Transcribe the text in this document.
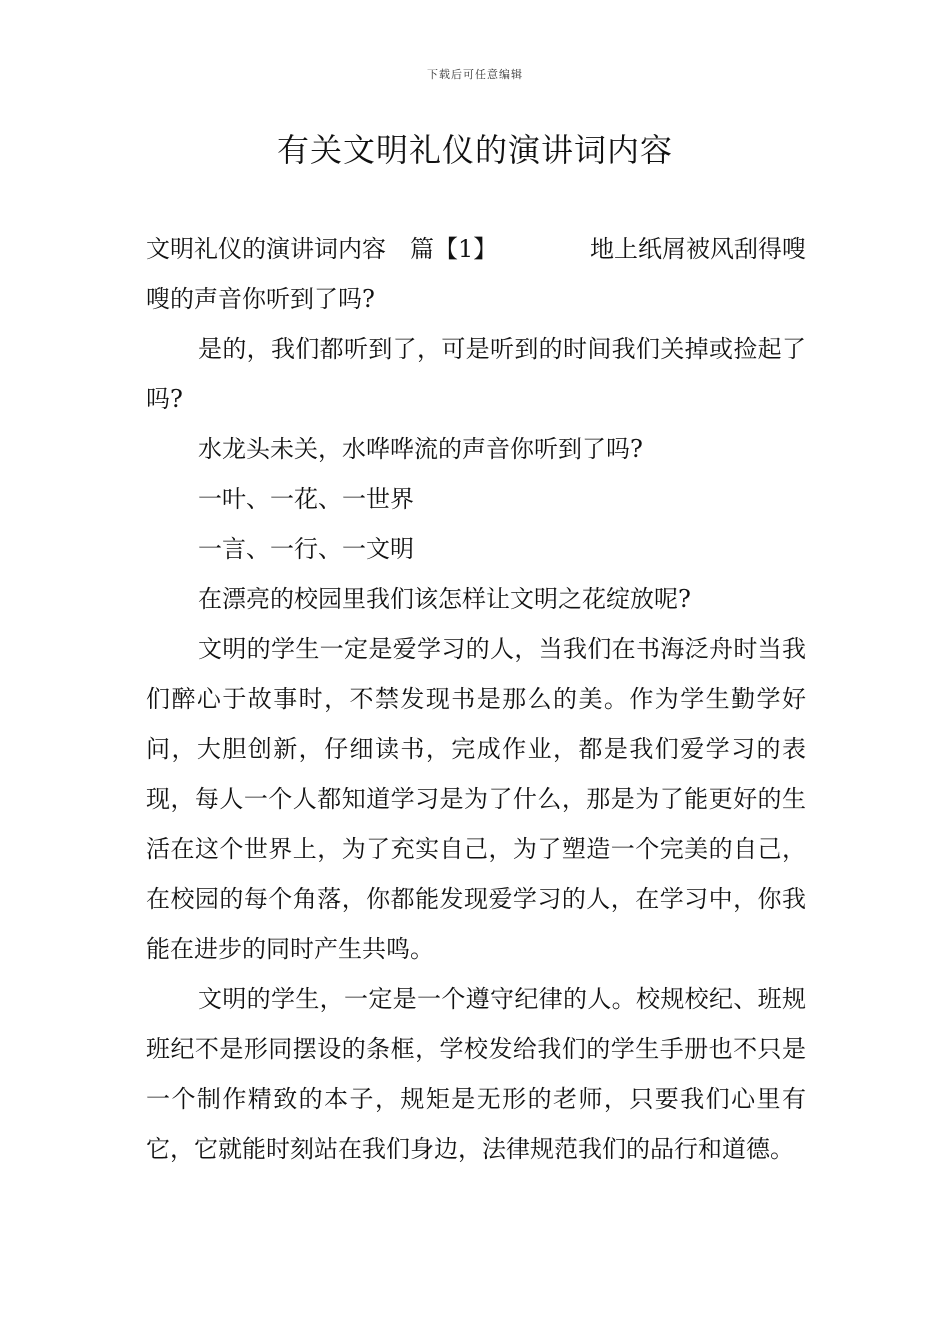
下载后可任意编辑
有关文明礼仪的演讲词内容

文明礼仪的演讲词内容　篇【1】	地上纸屑被风刮得嗖

嗖的声音你听到了吗?

是的，我们都听到了，可是听到的时间我们关掉或捡起了吗?

水龙头未关，水哗哗流的声音你听到了吗?

一叶、一花、一世界

一言、一行、一文明

在漂亮的校园里我们该怎样让文明之花绽放呢?

文明的学生一定是爱学习的人，当我们在书海泛舟时当我们醉心于故事时，不禁发现书是那么的美。作为学生勤学好问，大胆创新，仔细读书，完成作业，都是我们爱学习的表现，每人一个人都知道学习是为了什么，那是为了能更好的生活在这个世界上，为了充实自己，为了塑造一个完美的自己，在校园的每个角落，你都能发现爱学习的人，在学习中，你我能在进步的同时产生共鸣。

文明的学生，一定是一个遵守纪律的人。校规校纪、班规班纪不是形同摆设的条框，学校发给我们的学生手册也不只是一个制作精致的本子，规矩是无形的老师，只要我们心里有它，它就能时刻站在我们身边，法律规范我们的品行和道德。
